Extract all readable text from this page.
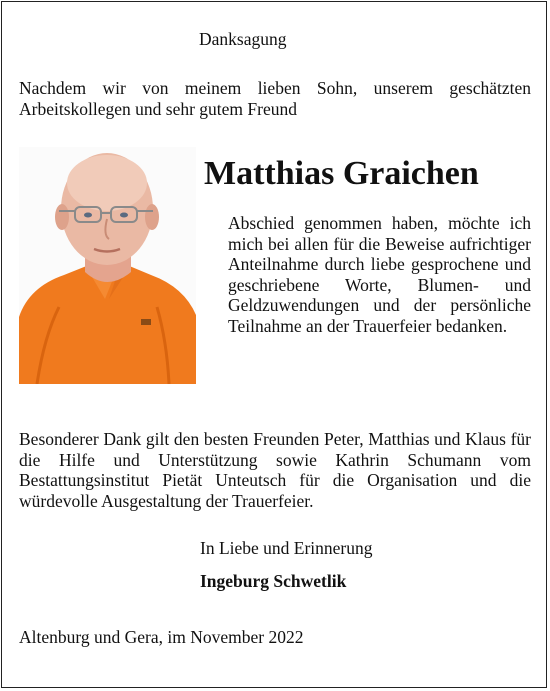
Danksagung
Nachdem wir von meinem lieben Sohn, unserem geschätzten Arbeitskollegen und sehr gutem Freund
Matthias Graichen
Abschied genommen haben, möchte ich mich bei allen für die Beweise aufrichtiger Anteilnahme durch liebe gesprochene und geschriebene Worte, Blumen- und Geldzuwendungen und der persönliche Teilnahme an der Trauerfeier bedanken.
Besonderer Dank gilt den besten Freunden Peter, Matthias und Klaus für die Hilfe und Unterstützung sowie Kathrin Schumann vom Bestattungsinstitut Pietät Unteutsch für die Organisation und die würdevolle Ausgestaltung der Trauerfeier.
In Liebe und Erinnerung
Ingeburg Schwetlik
Altenburg und Gera, im November 2022
